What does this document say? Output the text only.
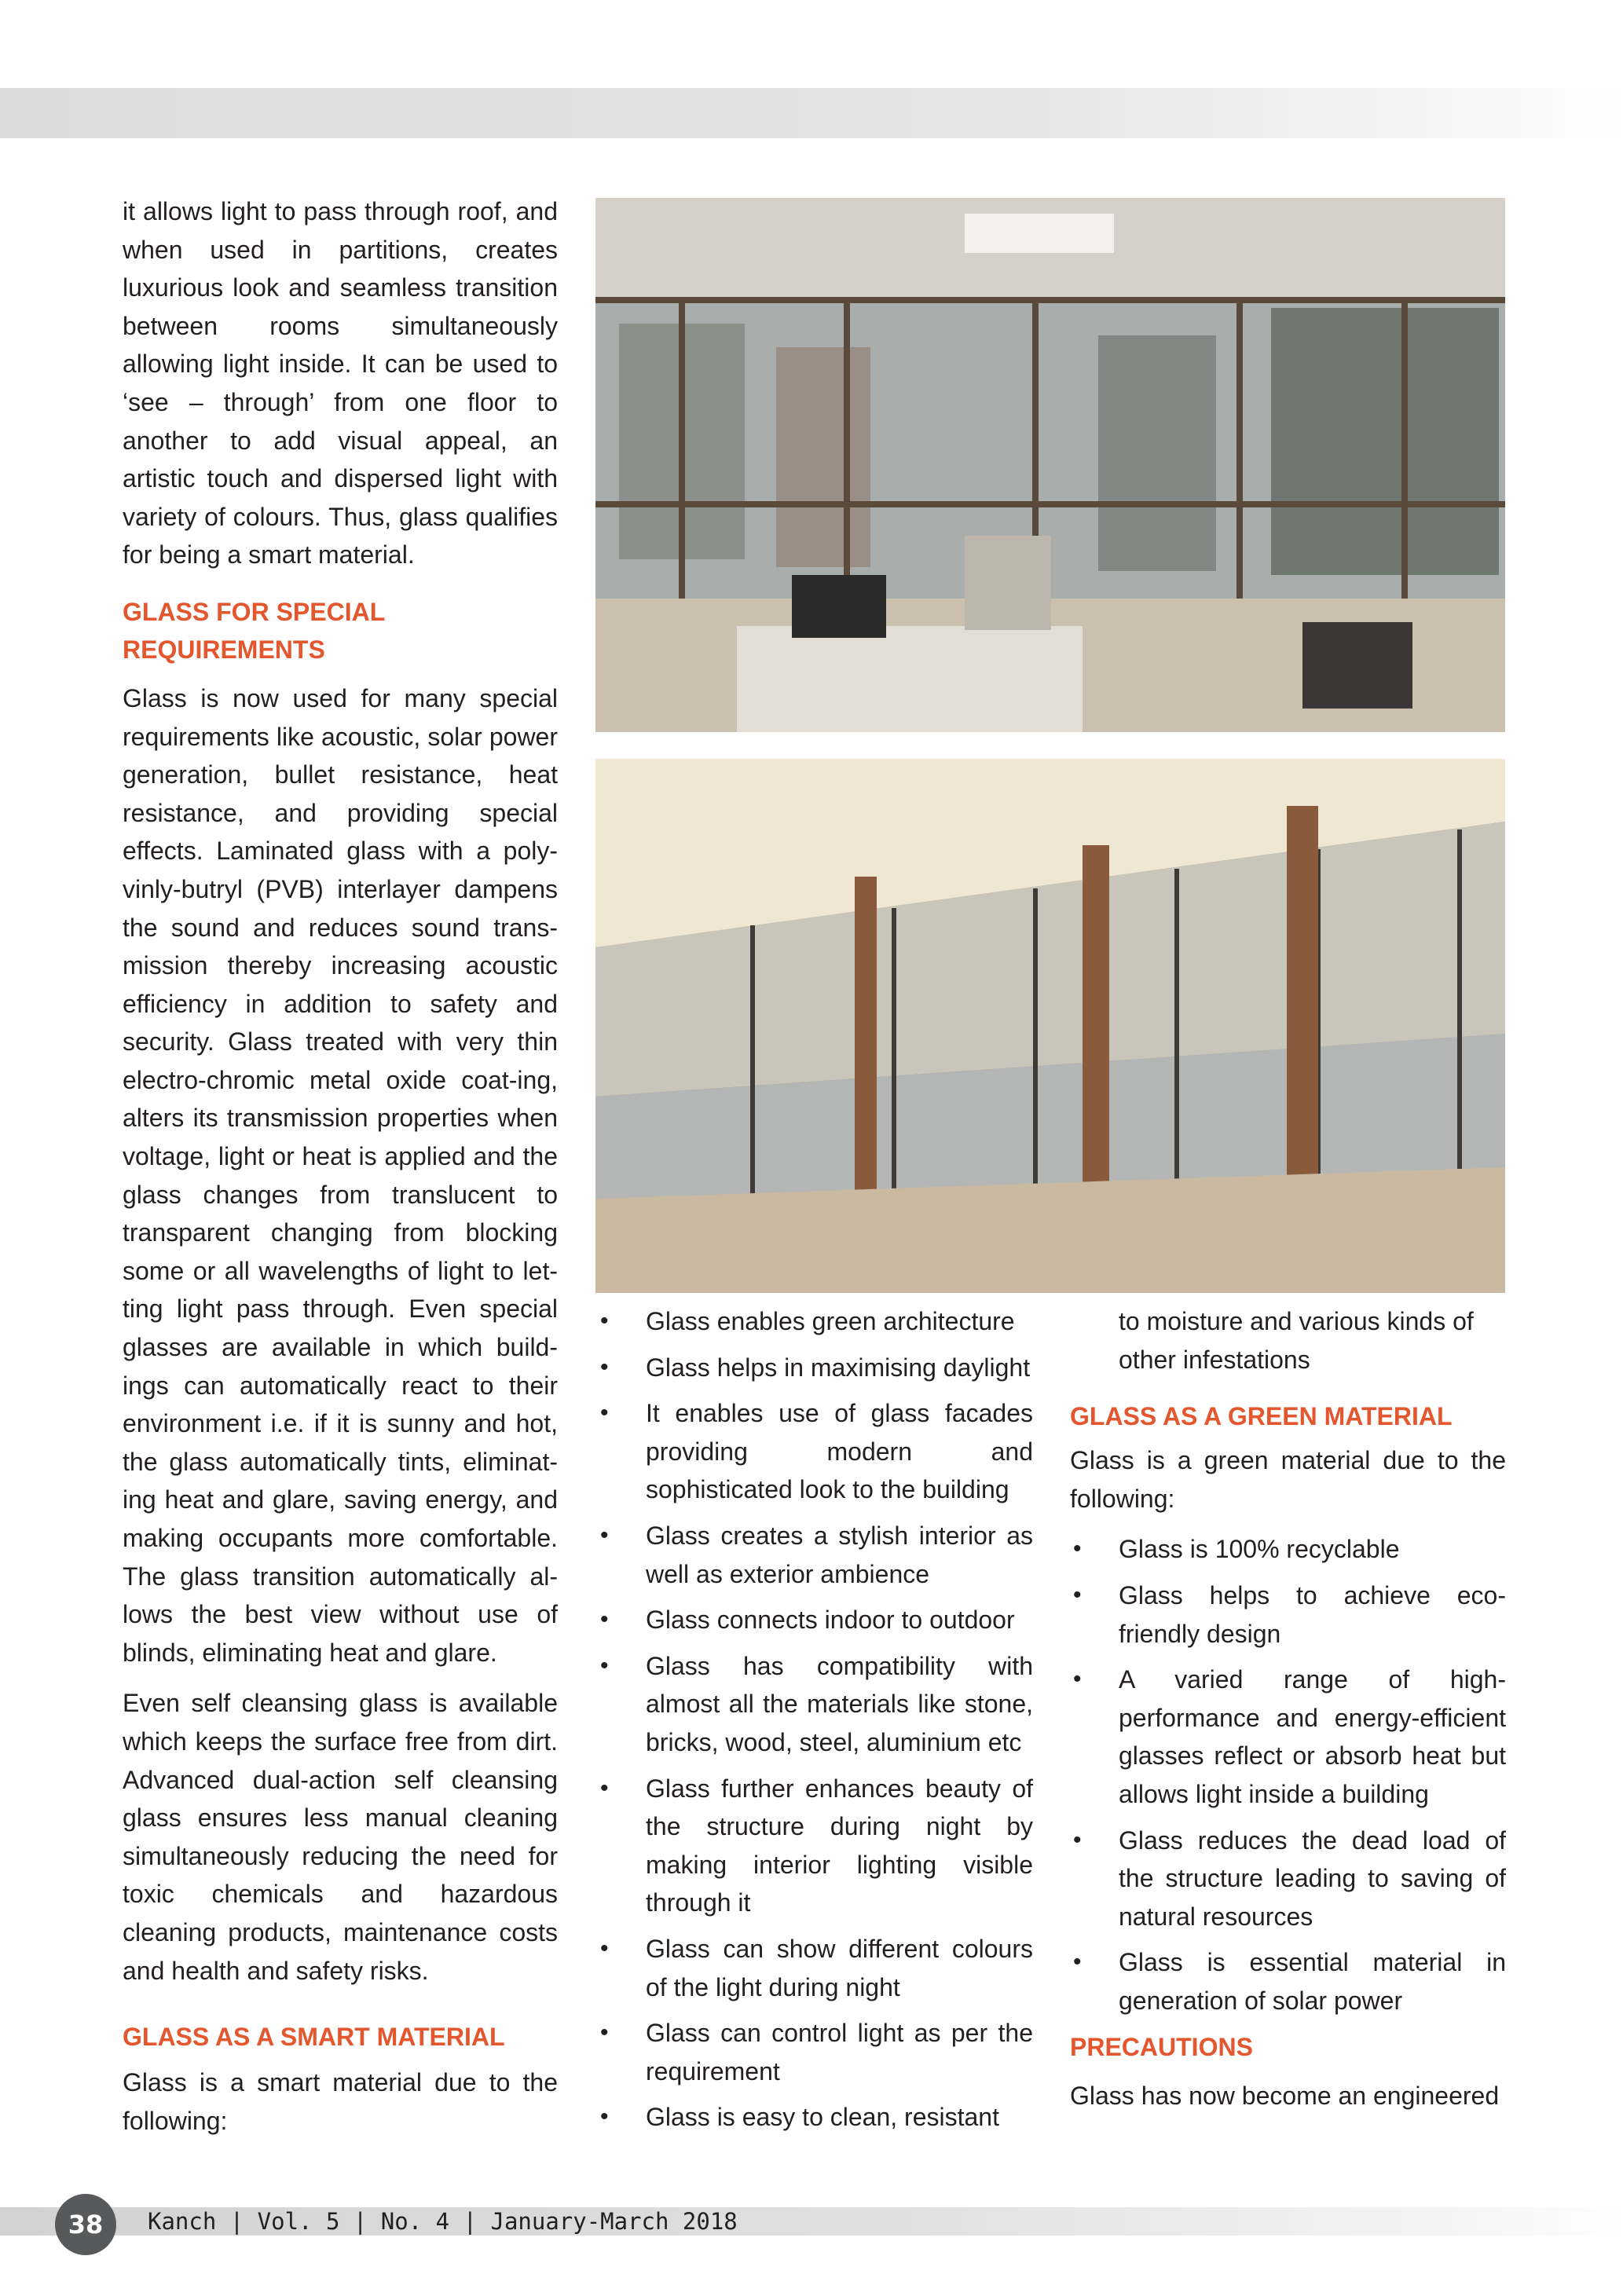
it allows light to pass through roof, and when used in partitions, creates luxurious look and seamless transition between rooms simultaneously allowing light inside. It can be used to ‘see – through’ from one floor to another to add visual appeal, an artistic touch and dispersed light with variety of colours. Thus, glass qualifies for being a smart material.

GLASS FOR SPECIAL REQUIREMENTS

Glass is now used for many special requirements like acoustic, solar power generation, bullet resistance, heat resistance, and providing special effects. Laminated glass with a poly-vinly-butryl (PVB) interlayer dampens the sound and reduces sound trans-mission thereby increasing acoustic efficiency in addition to safety and security. Glass treated with very thin electro-chromic metal oxide coat-ing, alters its transmission properties when voltage, light or heat is applied and the glass changes from translucent to transparent changing from blocking some or all wavelengths of light to let-ting light pass through. Even special glasses are available in which build-ings can automatically react to their environment i.e. if it is sunny and hot, the glass automatically tints, eliminat-ing heat and glare, saving energy, and making occupants more comfortable. The glass transition automatically al-lows the best view without use of blinds, eliminating heat and glare.

Even self cleansing glass is available which keeps the surface free from dirt. Advanced dual-action self cleansing glass ensures less manual cleaning simultaneously reducing the need for toxic chemicals and hazardous cleaning products, maintenance costs and health and safety risks.

GLASS AS A SMART MATERIAL

Glass is a smart material due to the following:

• Glass enables green architecture
• Glass helps in maximising daylight
• It enables use of glass facades providing modern and sophisticated look to the building
• Glass creates a stylish interior as well as exterior ambience
• Glass connects indoor to outdoor
• Glass has compatibility with almost all the materials like stone, bricks, wood, steel, aluminium etc
• Glass further enhances beauty of the structure during night by making interior lighting visible through it
• Glass can show different colours of the light during night
• Glass can control light as per the requirement
• Glass is easy to clean, resistant

to moisture and various kinds of other infestations

GLASS AS A GREEN MATERIAL

Glass is a green material due to the following:

• Glass is 100% recyclable
• Glass helps to achieve eco-friendly design
• A varied range of high-performance and energy-efficient glasses reflect or absorb heat but allows light inside a building
• Glass reduces the dead load of the structure leading to saving of natural resources
• Glass is essential material in generation of solar power
PRECAUTIONS

Glass has now become an engineered

38	Kanch | Vol. 5 | No. 4 | January-March 2018
